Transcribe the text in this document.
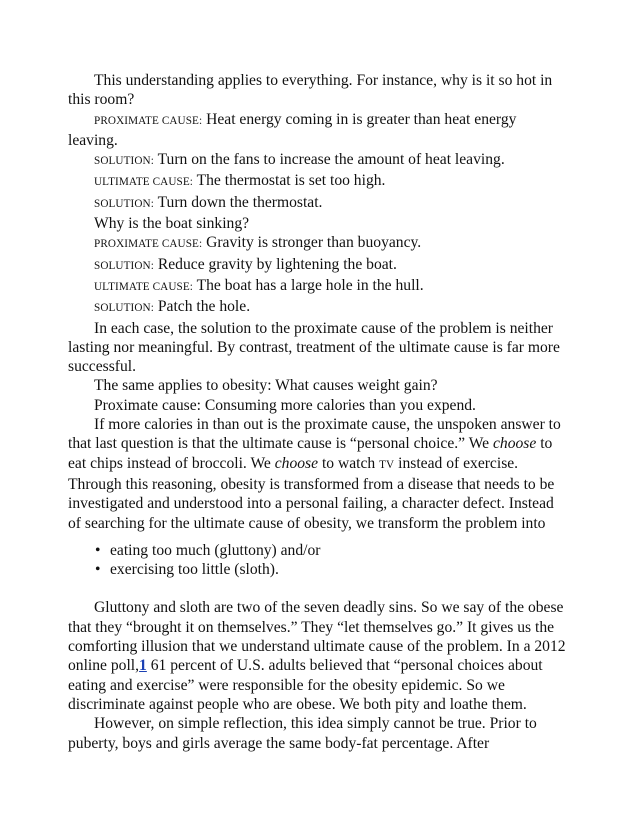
This understanding applies to everything. For instance, why is it so hot in this room?

PROXIMATE CAUSE: Heat energy coming in is greater than heat energy leaving.

SOLUTION: Turn on the fans to increase the amount of heat leaving.

ULTIMATE CAUSE: The thermostat is set too high.

SOLUTION: Turn down the thermostat.

Why is the boat sinking?

PROXIMATE CAUSE: Gravity is stronger than buoyancy.

SOLUTION: Reduce gravity by lightening the boat.

ULTIMATE CAUSE: The boat has a large hole in the hull.

SOLUTION: Patch the hole.

In each case, the solution to the proximate cause of the problem is neither lasting nor meaningful. By contrast, treatment of the ultimate cause is far more successful.

The same applies to obesity: What causes weight gain?

Proximate cause: Consuming more calories than you expend.

If more calories in than out is the proximate cause, the unspoken answer to that last question is that the ultimate cause is “personal choice.” We choose to eat chips instead of broccoli. We choose to watch TV instead of exercise. Through this reasoning, obesity is transformed from a disease that needs to be investigated and understood into a personal failing, a character defect. Instead of searching for the ultimate cause of obesity, we transform the problem into

• eating too much (gluttony) and/or
• exercising too little (sloth).

Gluttony and sloth are two of the seven deadly sins. So we say of the obese that they “brought it on themselves.” They “let themselves go.” It gives us the comforting illusion that we understand ultimate cause of the problem. In a 2012 online poll,1 61 percent of U.S. adults believed that “personal choices about eating and exercise” were responsible for the obesity epidemic. So we discriminate against people who are obese. We both pity and loathe them.

However, on simple reflection, this idea simply cannot be true. Prior to puberty, boys and girls average the same body-fat percentage. After
